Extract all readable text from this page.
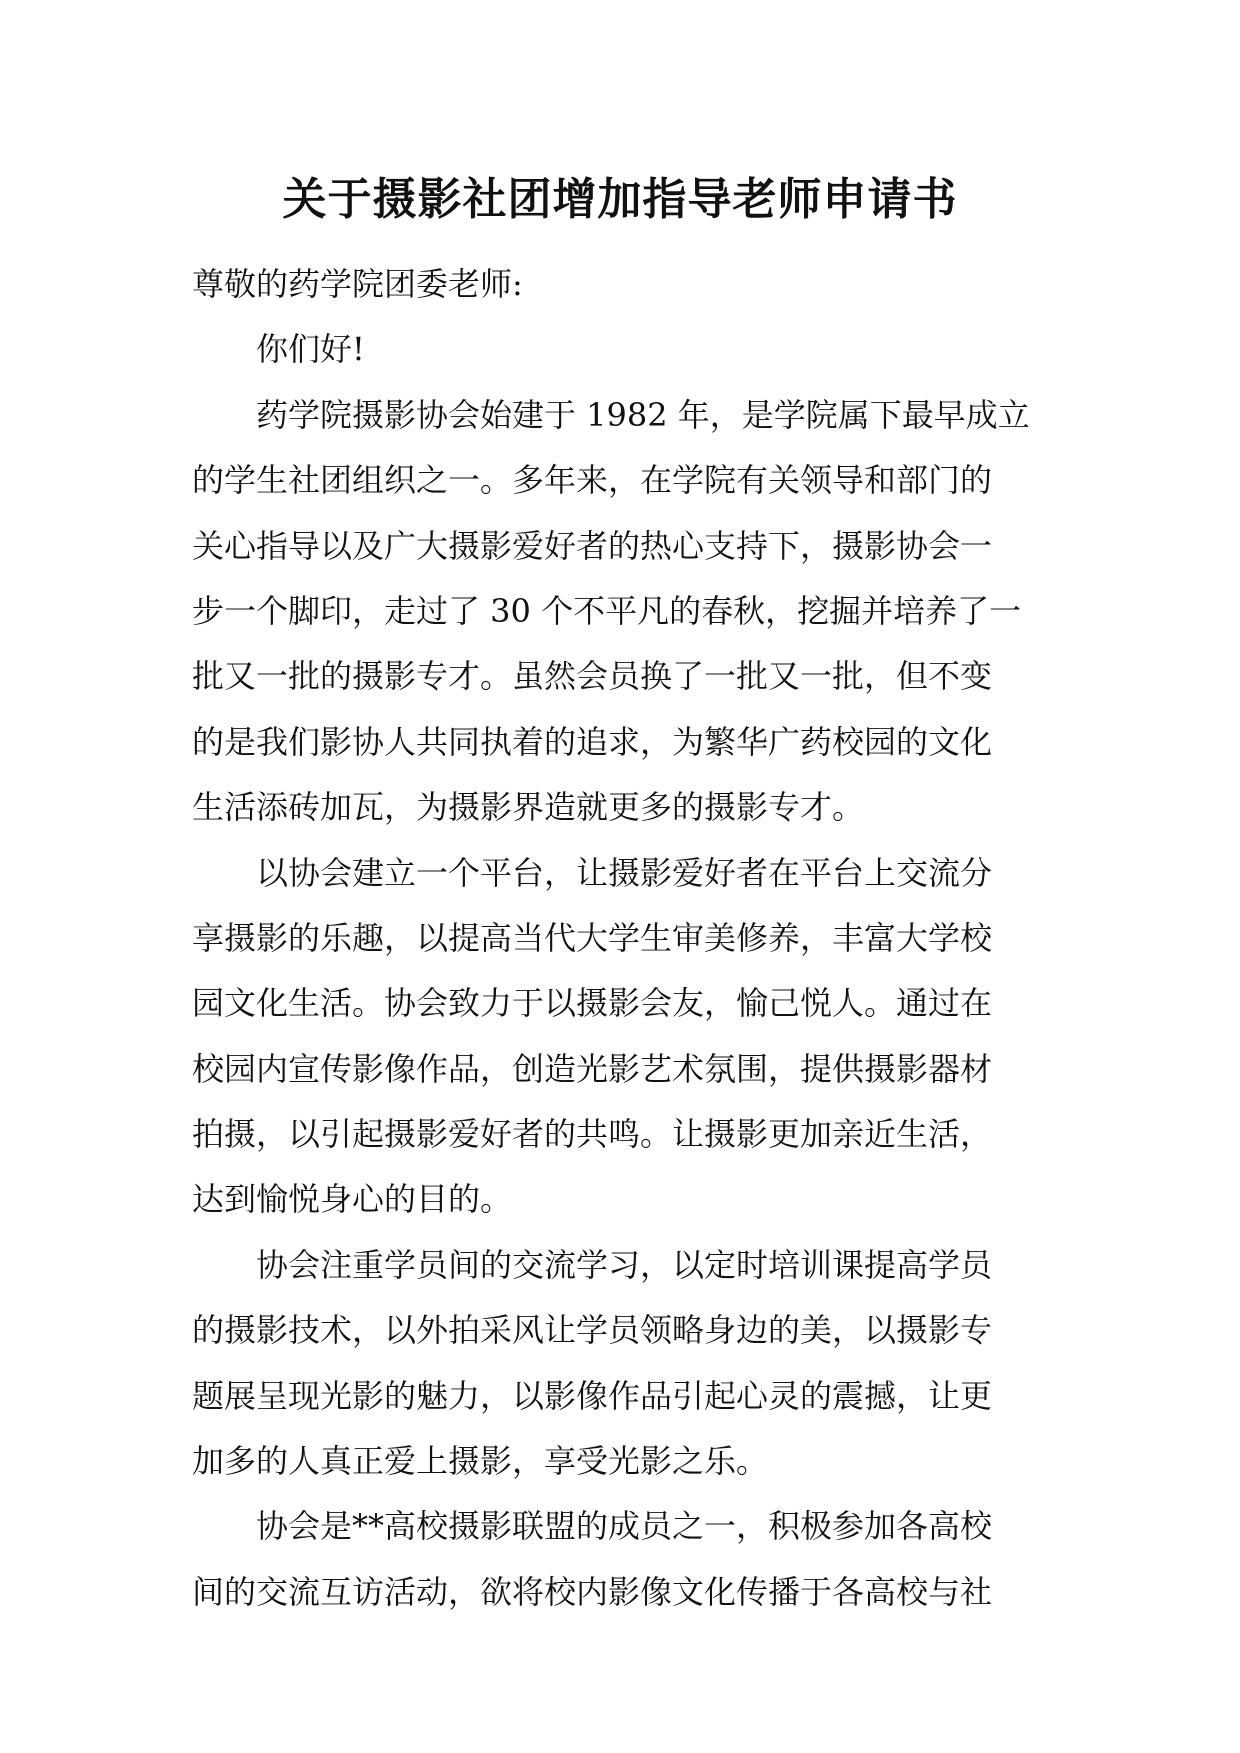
关于摄影社团增加指导老师申请书

尊敬的药学院团委老师:

你们好!

药学院摄影协会始建于 1982 年，是学院属下最早成立

的学生社团组织之一。多年来，在学院有关领导和部门的

关心指导以及广大摄影爱好者的热心支持下，摄影协会一

步一个脚印，走过了 30 个不平凡的春秋，挖掘并培养了一

批又一批的摄影专才。虽然会员换了一批又一批，但不变

的是我们影协人共同执着的追求，为繁华广药校园的文化

生活添砖加瓦，为摄影界造就更多的摄影专才。

以协会建立一个平台，让摄影爱好者在平台上交流分

享摄影的乐趣，以提高当代大学生审美修养，丰富大学校

园文化生活。协会致力于以摄影会友，愉己悦人。通过在

校园内宣传影像作品，创造光影艺术氛围，提供摄影器材

拍摄，以引起摄影爱好者的共鸣。让摄影更加亲近生活，

达到愉悦身心的目的。

协会注重学员间的交流学习，以定时培训课提高学员

的摄影技术，以外拍采风让学员领略身边的美，以摄影专

题展呈现光影的魅力，以影像作品引起心灵的震撼，让更

加多的人真正爱上摄影，享受光影之乐。

协会是**高校摄影联盟的成员之一，积极参加各高校

间的交流互访活动，欲将校内影像文化传播于各高校与社
